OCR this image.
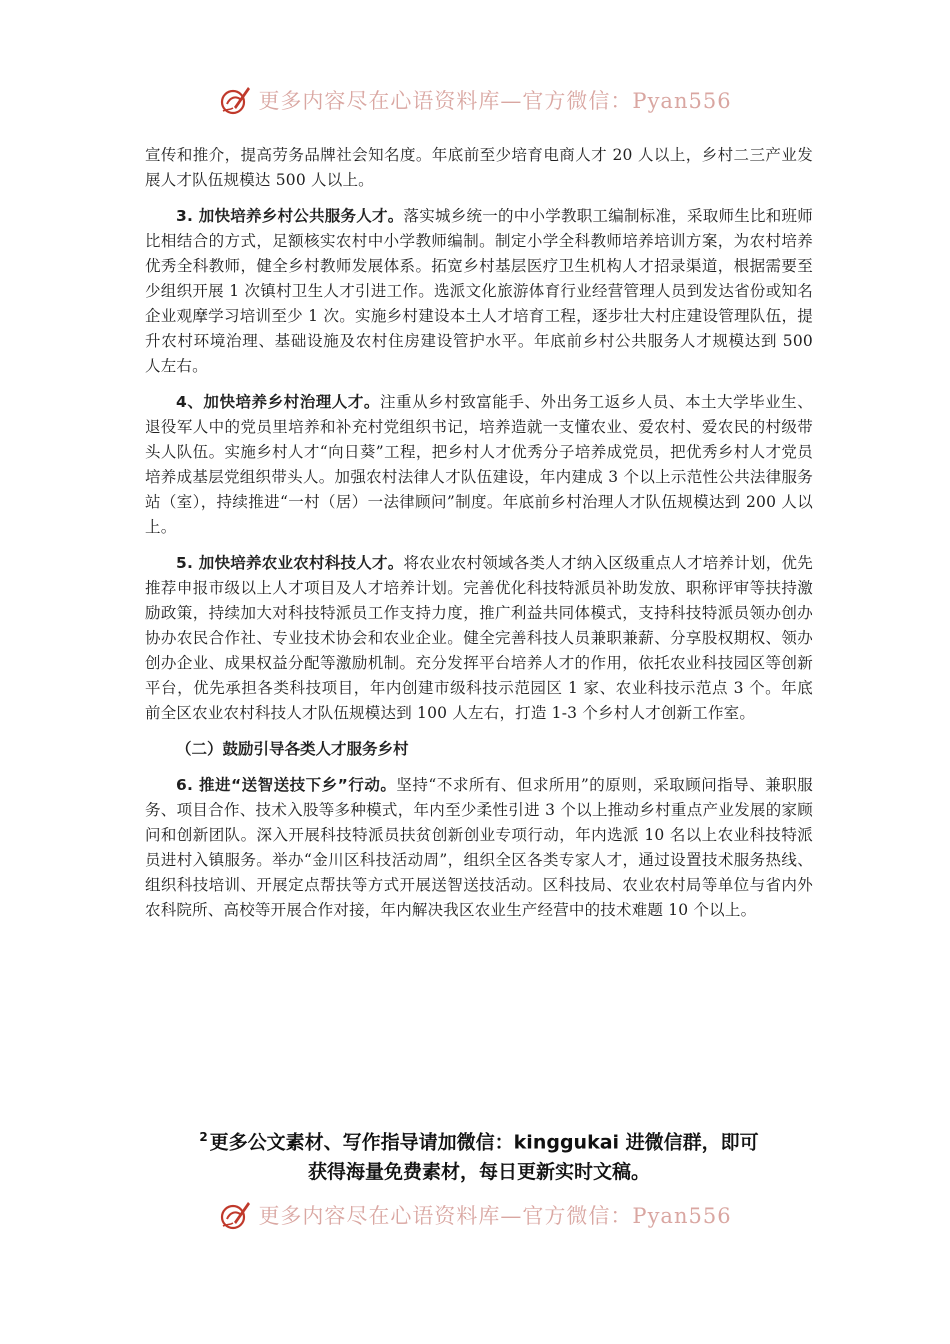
更多内容尽在心语资料库—官方微信：Pyan556

宣传和推介，提高劳务品牌社会知名度。年底前至少培育电商人才 20 人以上，乡村二三产业发展人才队伍规模达 500 人以上。

3. 加快培养乡村公共服务人才。落实城乡统一的中小学教职工编制标准，采取师生比和班师比相结合的方式，足额核实农村中小学教师编制。制定小学全科教师培养培训方案，为农村培养优秀全科教师，健全乡村教师发展体系。拓宽乡村基层医疗卫生机构人才招录渠道，根据需要至少组织开展 1 次镇村卫生人才引进工作。选派文化旅游体育行业经营管理人员到发达省份或知名企业观摩学习培训至少 1 次。实施乡村建设本土人才培育工程，逐步壮大村庄建设管理队伍，提升农村环境治理、基础设施及农村住房建设管护水平。年底前乡村公共服务人才规模达到 500 人左右。

4、加快培养乡村治理人才。注重从乡村致富能手、外出务工返乡人员、本土大学毕业生、退役军人中的党员里培养和补充村党组织书记，培养造就一支懂农业、爱农村、爱农民的村级带头人队伍。实施乡村人才“向日葵”工程，把乡村人才优秀分子培养成党员，把优秀乡村人才党员培养成基层党组织带头人。加强农村法律人才队伍建设，年内建成 3 个以上示范性公共法律服务站（室），持续推进“一村（居）一法律顾问”制度。年底前乡村治理人才队伍规模达到 200 人以上。

5. 加快培养农业农村科技人才。将农业农村领域各类人才纳入区级重点人才培养计划，优先推荐申报市级以上人才项目及人才培养计划。完善优化科技特派员补助发放、职称评审等扶持激励政策，持续加大对科技特派员工作支持力度，推广利益共同体模式，支持科技特派员领办创办协办农民合作社、专业技术协会和农业企业。健全完善科技人员兼职兼薪、分享股权期权、领办创办企业、成果权益分配等激励机制。充分发挥平台培养人才的作用，依托农业科技园区等创新平台，优先承担各类科技项目，年内创建市级科技示范园区 1 家、农业科技示范点 3 个。年底前全区农业农村科技人才队伍规模达到 100 人左右，打造 1-3 个乡村人才创新工作室。

（二）鼓励引导各类人才服务乡村

6. 推进“送智送技下乡”行动。坚持“不求所有、但求所用”的原则，采取顾问指导、兼职服务、项目合作、技术入股等多种模式，年内至少柔性引进 3 个以上推动乡村重点产业发展的家顾问和创新团队。深入开展科技特派员扶贫创新创业专项行动，年内选派 10 名以上农业科技特派员进村入镇服务。举办“金川区科技活动周”，组织全区各类专家人才，通过设置技术服务热线、组织科技培训、开展定点帮扶等方式开展送智送技活动。区科技局、农业农村局等单位与省内外农科院所、高校等开展合作对接，年内解决我区农业生产经营中的技术难题 10 个以上。

$^2$ 更多公文素材、写作指导请加微信：kinggukai 进微信群，即可
获得海量免费素材，每日更新实时文稿。
更多内容尽在心语资料库—官方微信：Pyan556
